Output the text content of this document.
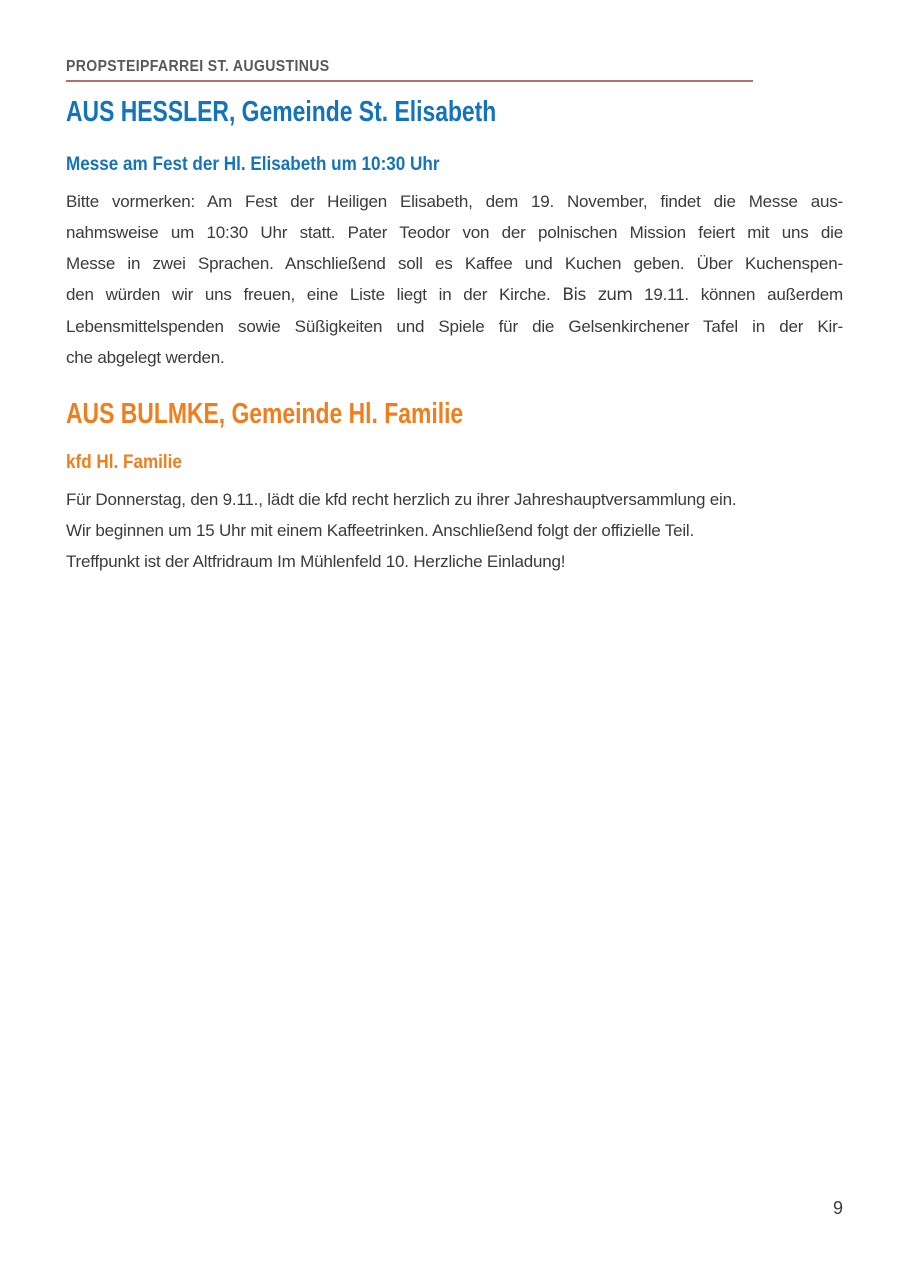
PROPSTEIPFARREI ST. AUGUSTINUS
AUS HESSLER, Gemeinde St. Elisabeth
Messe am Fest der Hl. Elisabeth um 10:30 Uhr
Bitte vormerken: Am Fest der Heiligen Elisabeth, dem 19. November, findet die Messe aus-
nahmsweise um 10:30 Uhr statt. Pater Teodor von der polnischen Mission feiert mit uns die
Messe in zwei Sprachen. Anschließend soll es Kaffee und Kuchen geben. Über Kuchenspen-
den würden wir uns freuen, eine Liste liegt in der Kirche. Bis zum 19.11. können außerdem
Lebensmittelspenden sowie Süßigkeiten und Spiele für die Gelsenkirchener Tafel in der Kir-
che abgelegt werden.
AUS BULMKE, Gemeinde Hl. Familie
kfd Hl. Familie
Für Donnerstag, den 9.11., lädt die kfd recht herzlich zu ihrer Jahreshauptversammlung ein.
Wir beginnen um 15 Uhr mit einem Kaffeetrinken. Anschließend folgt der offizielle Teil.
Treffpunkt ist der Altfridraum Im Mühlenfeld 10. Herzliche Einladung!
9
